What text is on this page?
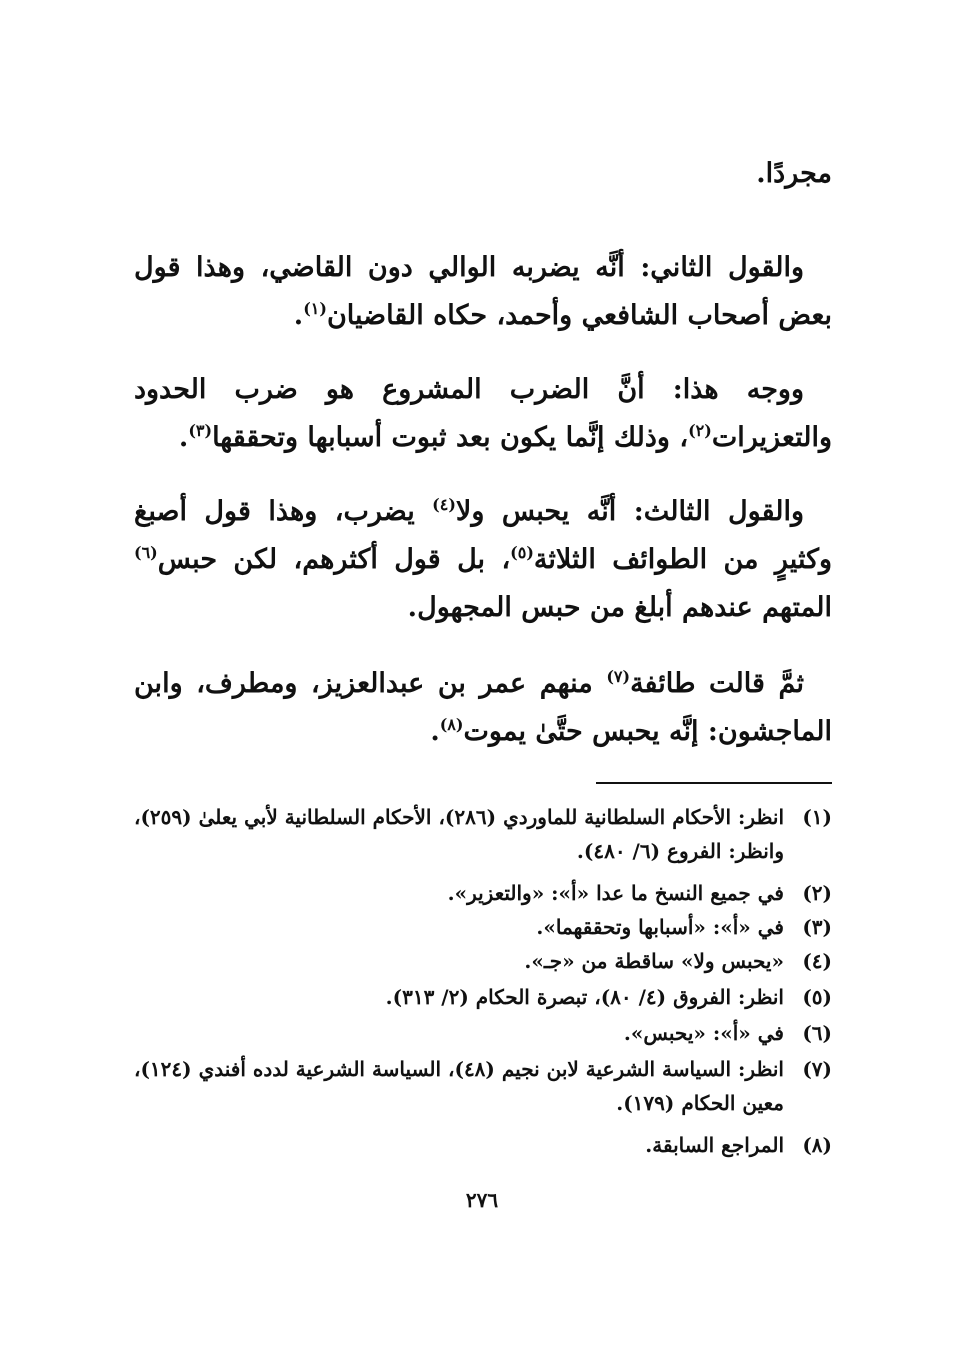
مجردًا.
والقول الثاني: أنَّه يضربه الوالي دون القاضي، وهذا قول بعض أصحاب الشافعي وأحمد، حكاه القاضيان$^{(١)}$.
ووجه هذا: أنَّ الضرب المشروع هو ضرب الحدود والتعزيرات$^{(٢)}$، وذلك إنَّما يكون بعد ثبوت أسبابها وتحققها$^{(٣)}$.
والقول الثالث: أنَّه يحبس ولا$^{(٤)}$ يضرب، وهذا قول أصبغ وكثيرٍ من الطوائف الثلاثة$^{(٥)}$، بل قول أكثرهم، لكن حبس$^{(٦)}$ المتهم عندهم أبلغ من حبس المجهول.
ثمَّ قالت طائفة$^{(٧)}$ منهم عمر بن عبدالعزيز، ومطرف، وابن الماجشون: إنَّه يحبس حتَّىٰ يموت$^{(٨)}$.
(١)
انظر: الأحكام السلطانية للماوردي (٢٨٦)، الأحكام السلطانية لأبي يعلىٰ (٢٥٩)، وانظر: الفروع (٦/ ٤٨٠).
(٢)
في جميع النسخ ما عدا «أ»: «والتعزير».
(٣)
في «أ»: «أسبابها وتحققهما».
(٤)
«يحبس ولا» ساقطة من «جـ».
(٥)
انظر: الفروق (٤/ ٨٠)، تبصرة الحكام (٢/ ٣١٣).
(٦)
في «أ»: «يحبس».
(٧)
انظر: السياسة الشرعية لابن نجيم (٤٨)، السياسة الشرعية لدده أفندي (١٢٤)، معين الحكام (١٧٩).
(٨)
المراجع السابقة.
٢٧٦
